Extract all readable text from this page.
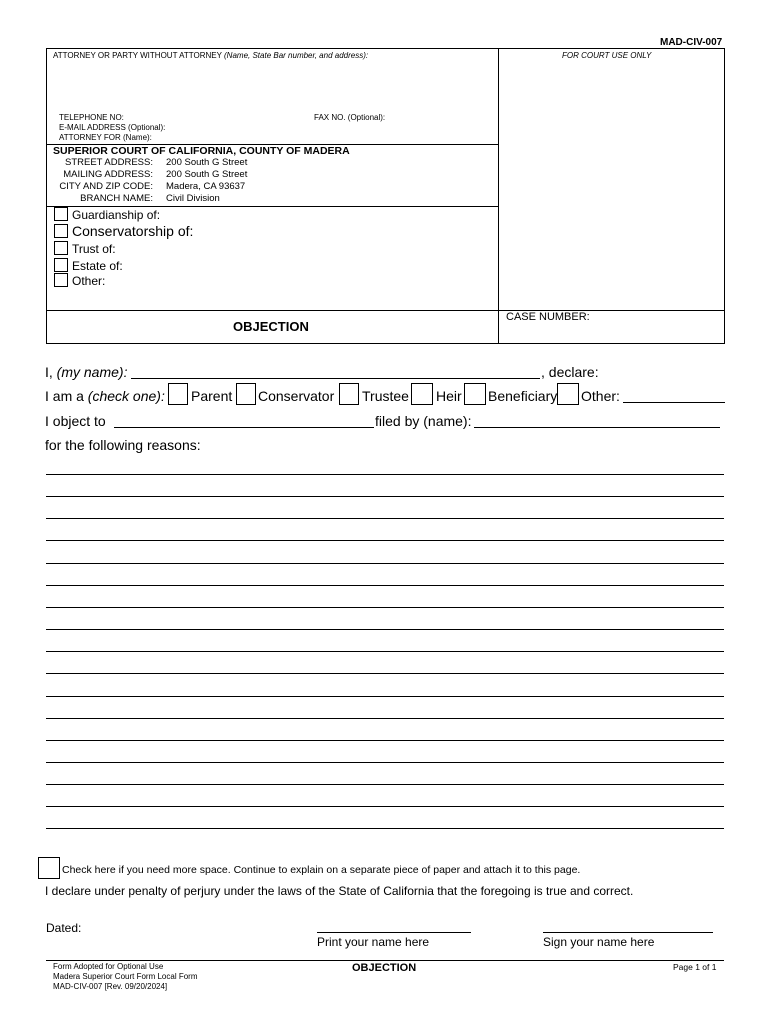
MAD-CIV-007
ATTORNEY OR PARTY WITHOUT ATTORNEY (Name, State Bar number, and address):	FOR COURT USE ONLY
TELEPHONE NO:	FAX NO. (Optional):
E-MAIL ADDRESS (Optional):
ATTORNEY FOR (Name):
SUPERIOR COURT OF CALIFORNIA, COUNTY OF MADERA
STREET ADDRESS: 200 South G Street
MAILING ADDRESS: 200 South G Street
CITY AND ZIP CODE: Madera, CA 93637
BRANCH NAME: Civil Division
Guardianship of:
Conservatorship of:
Trust of:
Estate of:
Other:
OBJECTION
CASE NUMBER:
I, (my name):	, declare:
I am a (check one): Parent Conservator Trustee Heir Beneficiary Other:
I object to	filed by (name):
for the following reasons:
Check here if you need more space. Continue to explain on a separate piece of paper and attach it to this page.
I declare under penalty of perjury under the laws of the State of California that the foregoing is true and correct.
Dated:
Print your name here	Sign your name here
Form Adopted for Optional Use
Madera Superior Court Form Local Form
MAD-CIV-007 [Rev. 09/20/2024]
OBJECTION	Page 1 of 1
